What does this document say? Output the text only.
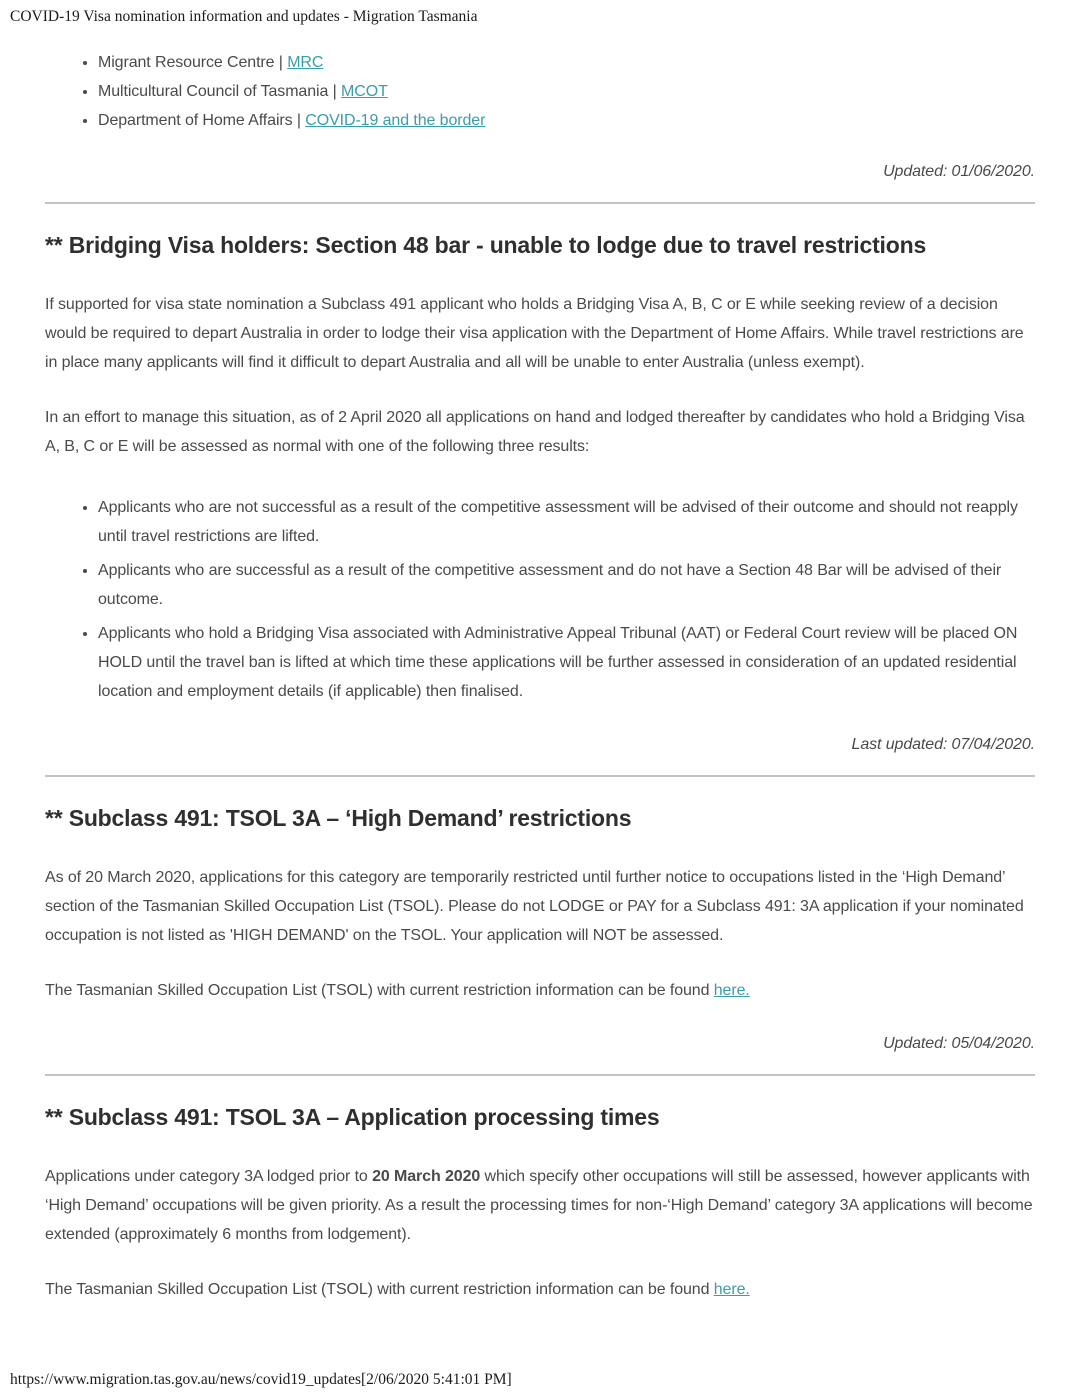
COVID-19 Visa nomination information and updates - Migration Tasmania
• Migrant Resource Centre | MRC
• Multicultural Council of Tasmania | MCOT
• Department of Home Affairs | COVID-19 and the border
Updated: 01/06/2020.
** Bridging Visa holders: Section 48 bar - unable to lodge due to travel restrictions

If supported for visa state nomination a Subclass 491 applicant who holds a Bridging Visa A, B, C or E while seeking review of a decision would be required to depart Australia in order to lodge their visa application with the Department of Home Affairs. While travel restrictions are in place many applicants will find it difficult to depart Australia and all will be unable to enter Australia (unless exempt).

In an effort to manage this situation, as of 2 April 2020 all applications on hand and lodged thereafter by candidates who hold a Bridging Visa A, B, C or E will be assessed as normal with one of the following three results:

• Applicants who are not successful as a result of the competitive assessment will be advised of their outcome and should not reapply until travel restrictions are lifted.
• Applicants who are successful as a result of the competitive assessment and do not have a Section 48 Bar will be advised of their outcome.
• Applicants who hold a Bridging Visa associated with Administrative Appeal Tribunal (AAT) or Federal Court review will be placed ON HOLD until the travel ban is lifted at which time these applications will be further assessed in consideration of an updated residential location and employment details (if applicable) then finalised.
Last updated: 07/04/2020.
** Subclass 491: TSOL 3A – ‘High Demand’ restrictions

As of 20 March 2020, applications for this category are temporarily restricted until further notice to occupations listed in the ‘High Demand’ section of the Tasmanian Skilled Occupation List (TSOL). Please do not LODGE or PAY for a Subclass 491: 3A application if your nominated occupation is not listed as 'HIGH DEMAND' on the TSOL. Your application will NOT be assessed.

The Tasmanian Skilled Occupation List (TSOL) with current restriction information can be found here.

Updated: 05/04/2020.
** Subclass 491: TSOL 3A – Application processing times

Applications under category 3A lodged prior to 20 March 2020 which specify other occupations will still be assessed, however applicants with ‘High Demand’ occupations will be given priority. As a result the processing times for non-‘High Demand’ category 3A applications will become extended (approximately 6 months from lodgement).

The Tasmanian Skilled Occupation List (TSOL) with current restriction information can be found here.

https://www.migration.tas.gov.au/news/covid19_updates[2/06/2020 5:41:01 PM]
